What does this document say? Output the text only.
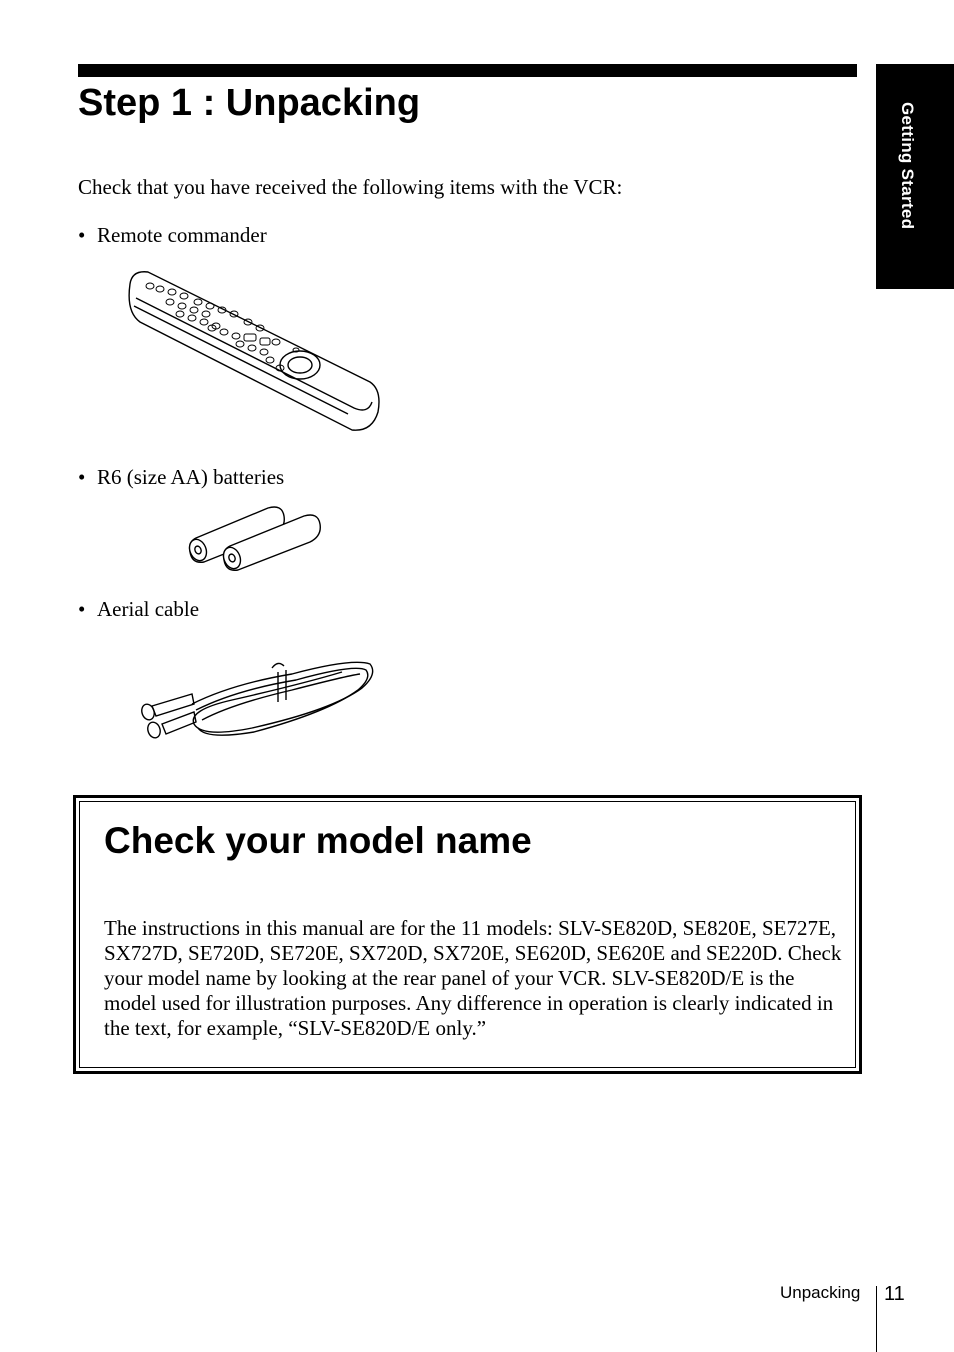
Step 1 : Unpacking	Getting Started

Check that you have received the following items with the VCR:

• Remote commander

• R6 (size AA) batteries

• Aerial cable

Check your model name

The instructions in this manual are for the 11 models: SLV-SE820D, SE820E, SE727E, SX727D, SE720D, SE720E, SX720D, SX720E, SE620D, SE620E and SE220D. Check your model name by looking at the rear panel of your VCR. SLV-SE820D/E is the model used for illustration purposes. Any difference in operation is clearly indicated in the text, for example, “SLV-SE820D/E only.”

Unpacking 11
